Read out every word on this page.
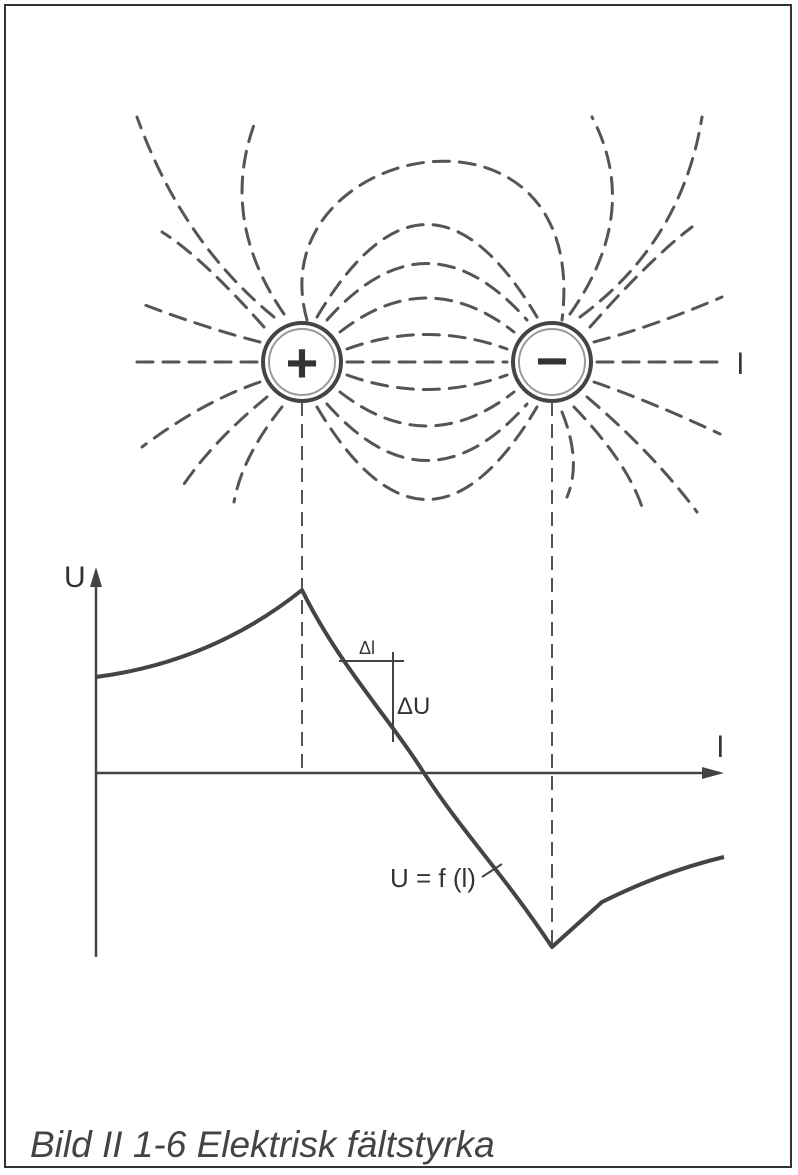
+	−	l
U
l
Δl
ΔU
U = f (l)
Bild II 1-6 Elektrisk fältstyrka
